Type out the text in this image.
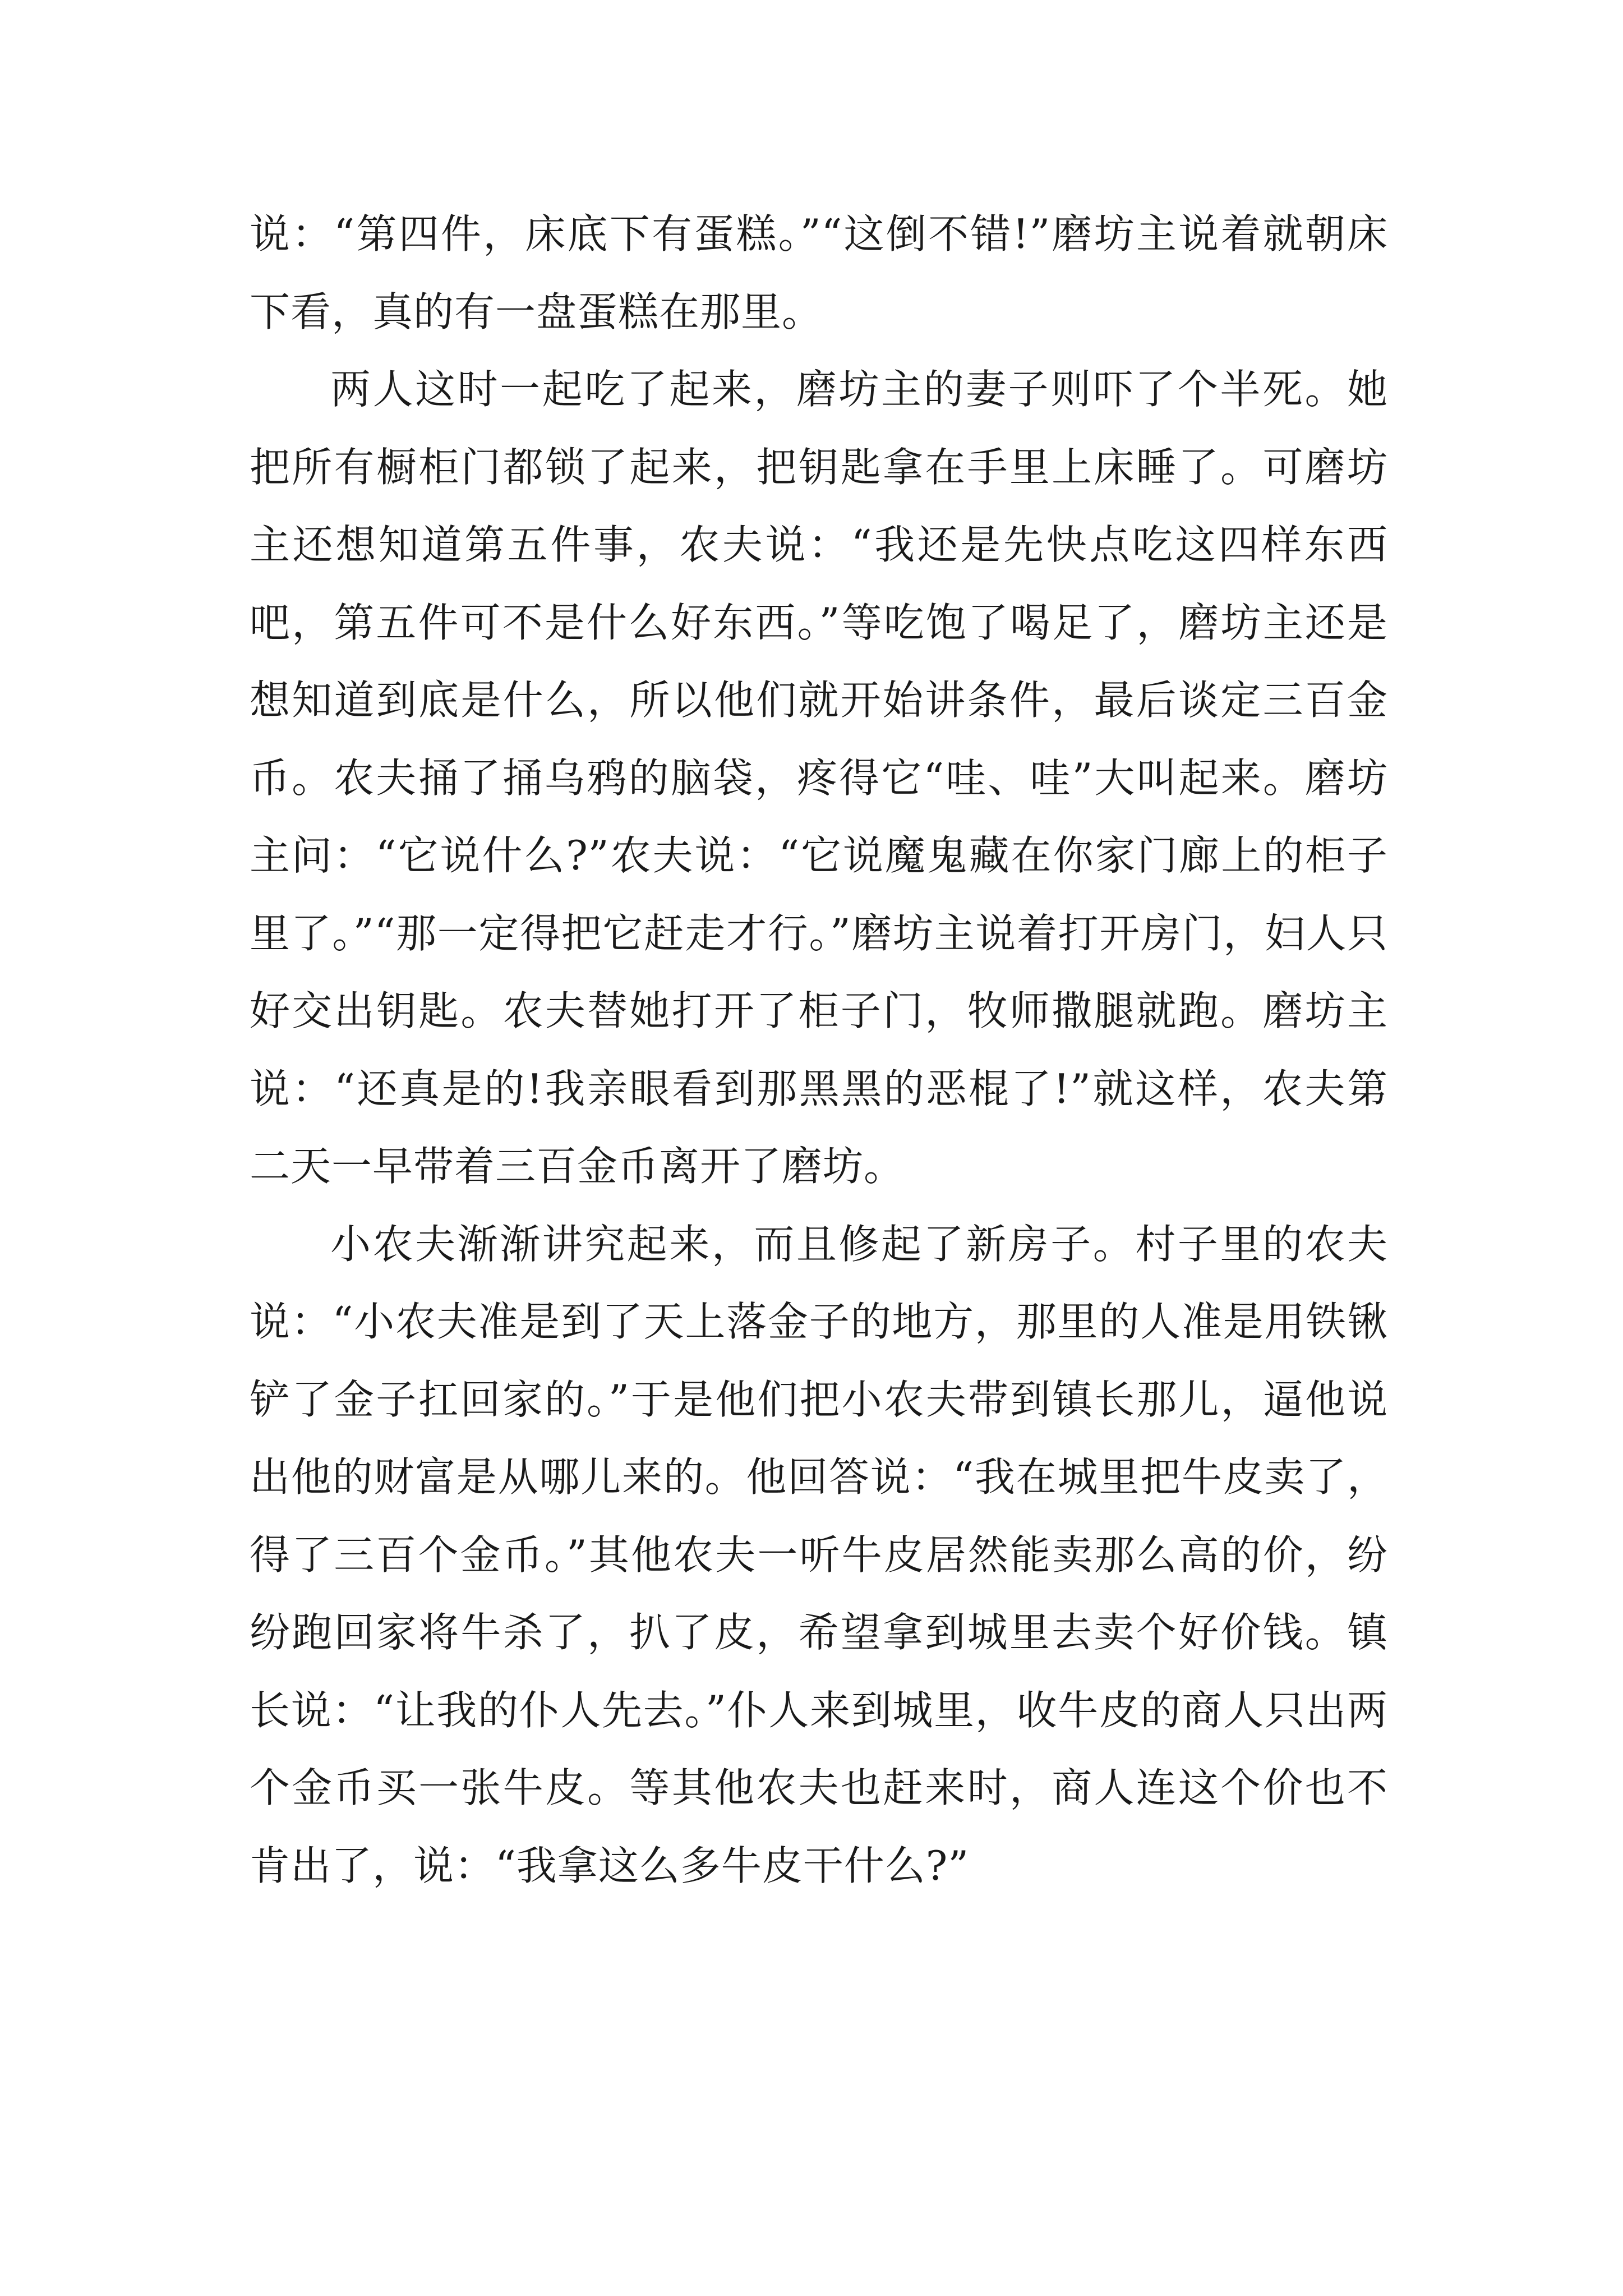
说：“第四件，床底下有蛋糕。”“这倒不错!”磨坊主说着就朝床下看，真的有一盘蛋糕在那里。

两人这时一起吃了起来，磨坊主的妻子则吓了个半死。她把所有橱柜门都锁了起来，把钥匙拿在手里上床睡了。可磨坊主还想知道第五件事，农夫说：“我还是先快点吃这四样东西吧，第五件可不是什么好东西。”等吃饱了喝足了，磨坊主还是想知道到底是什么，所以他们就开始讲条件，最后谈定三百金币。农夫捅了捅乌鸦的脑袋，疼得它“哇、哇”大叫起来。磨坊主问：“它说什么?”农夫说：“它说魔鬼藏在你家门廊上的柜子里了。”“那一定得把它赶走才行。”磨坊主说着打开房门，妇人只好交出钥匙。农夫替她打开了柜子门，牧师撒腿就跑。磨坊主说：“还真是的!我亲眼看到那黑黑的恶棍了!”就这样，农夫第二天一早带着三百金币离开了磨坊。

小农夫渐渐讲究起来，而且修起了新房子。村子里的农夫说：“小农夫准是到了天上落金子的地方，那里的人准是用铁锹铲了金子扛回家的。”于是他们把小农夫带到镇长那儿，逼他说出他的财富是从哪儿来的。他回答说：“我在城里把牛皮卖了，得了三百个金币。”其他农夫一听牛皮居然能卖那么高的价，纷纷跑回家将牛杀了，扒了皮，希望拿到城里去卖个好价钱。镇长说：“让我的仆人先去。”仆人来到城里，收牛皮的商人只出两个金币买一张牛皮。等其他农夫也赶来时，商人连这个价也不肯出了，说：“我拿这么多牛皮干什么?”
